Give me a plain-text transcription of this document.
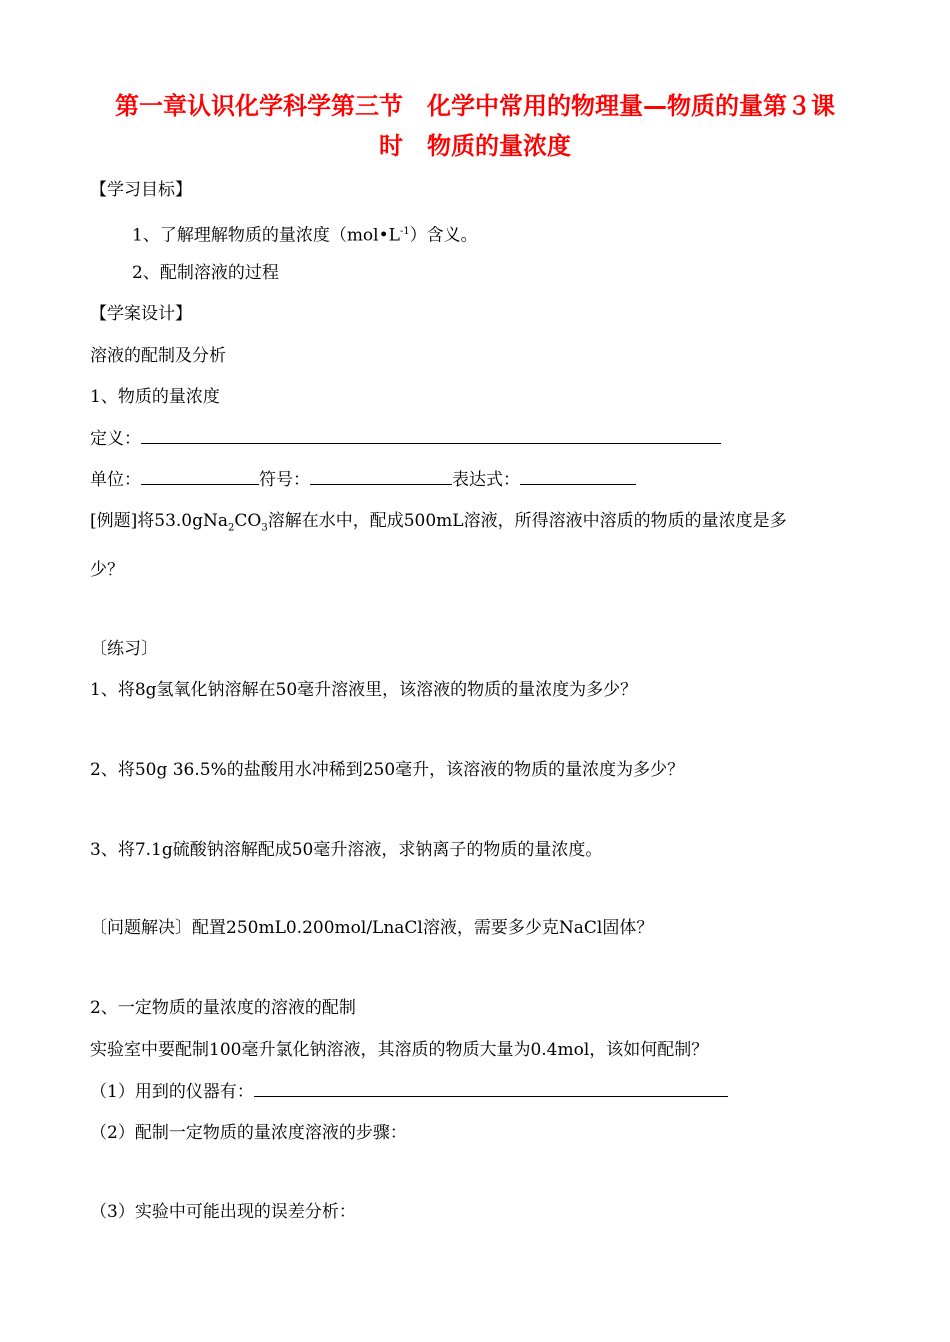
第一章认识化学科学第三节　化学中常用的物理量—物质的量第３课
时　物质的量浓度
【学习目标】
1、了解理解物质的量浓度$(mol•L^{-1})$含义。
2、配制溶液的过程
【学案设计】
溶液的配制及分析
1、物质的量浓度
定义：
单位：	符号：	表达式：
[例题]将$53.0gNa_2CO_3$溶解在水中，配成500mL溶液，所得溶液中溶质的物质的量浓度是多
少？
〔练习〕
1、将8g氢氧化钠溶解在50毫升溶液里，该溶液的物质的量浓度为多少？
2、将50g 36.5%的盐酸用水冲稀到250毫升，该溶液的物质的量浓度为多少？
3、将7.1g硫酸钠溶解配成50毫升溶液，求钠离子的物质的量浓度。
〔问题解决〕配置250mL0.200mol/LnaCl溶液，需要多少克NaCl固体？
2、一定物质的量浓度的溶液的配制
实验室中要配制100毫升氯化钠溶液，其溶质的物质大量为0.4mol，该如何配制？
（1）用到的仪器有：
（2）配制一定物质的量浓度溶液的步骤：
（3）实验中可能出现的误差分析：
